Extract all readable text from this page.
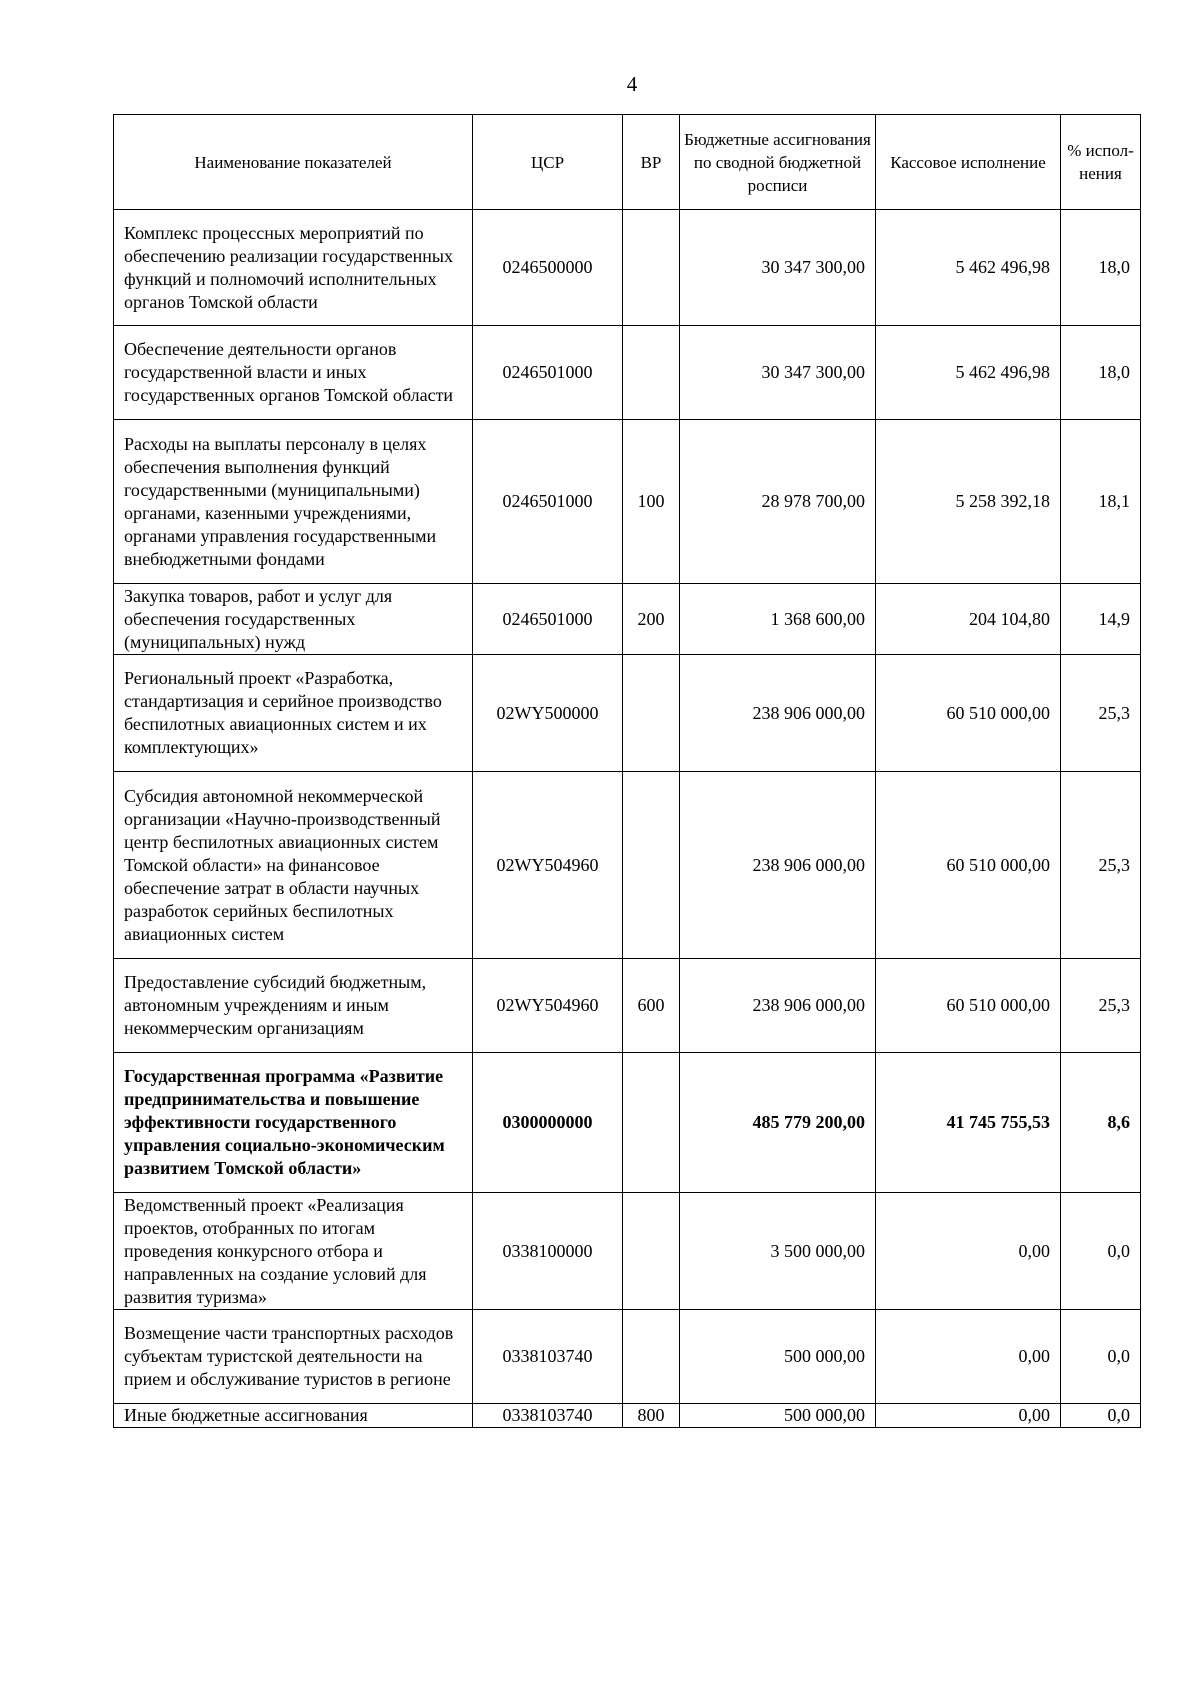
4
Наименование показателей	ЦСР	ВР	Бюджетные ассигнования по сводной бюджетной росписи	Кассовое исполнение	% испол-нения
Комплекс процессных мероприятий по обеспечению реализации государственных функций и полномочий исполнительных органов Томской области	0246500000		30 347 300,00	5 462 496,98	18,0
Обеспечение деятельности органов государственной власти и иных государственных органов Томской области	0246501000		30 347 300,00	5 462 496,98	18,0
Расходы на выплаты персоналу в целях обеспечения выполнения функций государственными (муниципальными) органами, казенными учреждениями, органами управления государственными внебюджетными фондами	0246501000	100	28 978 700,00	5 258 392,18	18,1
Закупка товаров, работ и услуг для обеспечения государственных (муниципальных) нужд	0246501000	200	1 368 600,00	204 104,80	14,9
Региональный проект «Разработка, стандартизация и серийное производство беспилотных авиационных систем и их комплектующих»	02WY500000		238 906 000,00	60 510 000,00	25,3
Субсидия автономной некоммерческой организации «Научно-производственный центр беспилотных авиационных систем Томской области» на финансовое обеспечение затрат в области научных разработок серийных беспилотных авиационных систем	02WY504960		238 906 000,00	60 510 000,00	25,3
Предоставление субсидий бюджетным, автономным учреждениям и иным некоммерческим организациям	02WY504960	600	238 906 000,00	60 510 000,00	25,3
Государственная программа «Развитие предпринимательства и повышение эффективности государственного управления социально-экономическим развитием Томской области»	0300000000		485 779 200,00	41 745 755,53	8,6
Ведомственный проект «Реализация проектов, отобранных по итогам проведения конкурсного отбора и направленных на создание условий для развития туризма»	0338100000		3 500 000,00	0,00	0,0
Возмещение части транспортных расходов субъектам туристской деятельности на прием и обслуживание туристов в регионе	0338103740		500 000,00	0,00	0,0
Иные бюджетные ассигнования	0338103740	800	500 000,00	0,00	0,0
